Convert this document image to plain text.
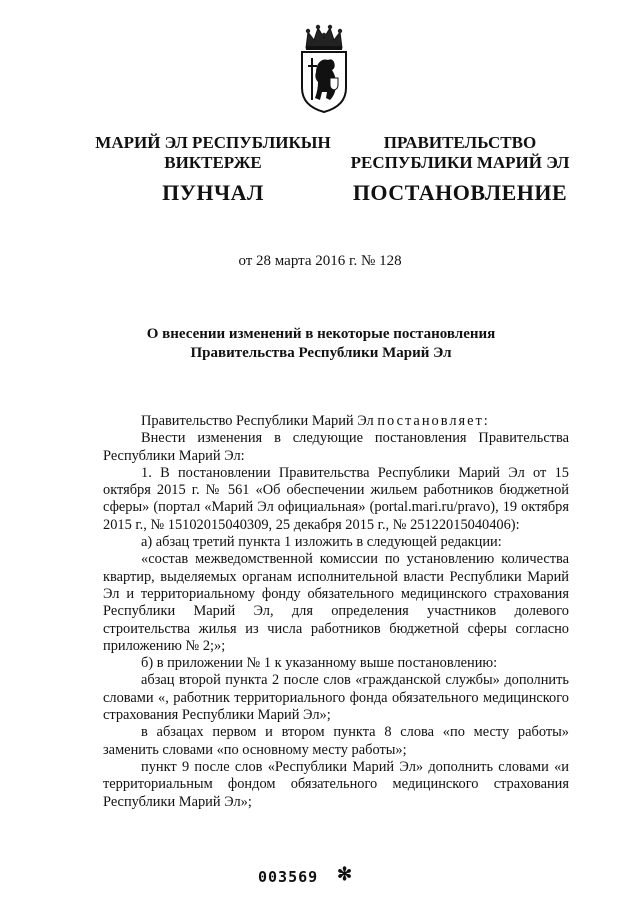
МАРИЙ ЭЛ РЕСПУБЛИКЫН
ВИКТЕРЖЕ
ПУНЧАЛ
ПРАВИТЕЛЬСТВО
РЕСПУБЛИКИ МАРИЙ ЭЛ
ПОСТАНОВЛЕНИЕ
от 28 марта 2016 г. № 128
О внесении изменений в некоторые постановления
Правительства Республики Марий Эл

Правительство Республики Марий Эл постановляет:

Внести изменения в следующие постановления Правительства Республики Марий Эл:

1. В постановлении Правительства Республики Марий Эл от 15 октября 2015 г. № 561 «Об обеспечении жильем работников бюджетной сферы» (портал «Марий Эл официальная» (portal.mari.ru/pravo), 19 октября 2015 г., № 15102015040309, 25 декабря 2015 г., № 25122015040406):

а) абзац третий пункта 1 изложить в следующей редакции:

«состав межведомственной комиссии по установлению количества квартир, выделяемых органам исполнительной власти Республики Марий Эл и территориальному фонду обязательного медицинского страхования Республики Марий Эл, для определения участников долевого строительства жилья из числа работников бюджетной сферы согласно приложению № 2;»;

б) в приложении № 1 к указанному выше постановлению:

абзац второй пункта 2 после слов «гражданской службы» дополнить словами «, работник территориального фонда обязательного медицинского страхования Республики Марий Эл»;

в абзацах первом и втором пункта 8 слова «по месту работы» заменить словами «по основному месту работы»;

пункт 9 после слов «Республики Марий Эл» дополнить словами «и территориальным фондом обязательного медицинского страхования Республики Марий Эл»;

003569 ✻
